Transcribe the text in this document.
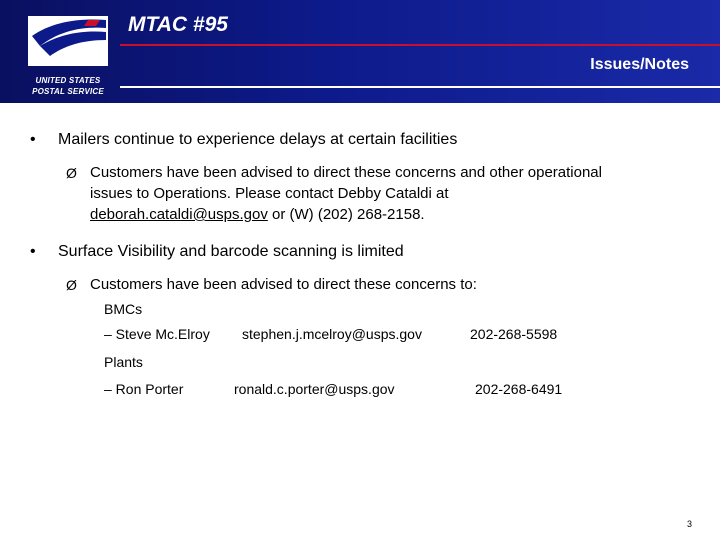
UNITED STATES
POSTAL SERVICE
MTAC #95
Issues/Notes
• Mailers continue to experience delays at certain facilities
Ø Customers have been advised to direct these concerns and other operational
issues to Operations. Please contact Debby Cataldi at
deborah.cataldi@usps.gov or (W) (202) 268-2158.
• Surface Visibility and barcode scanning is limited
Ø Customers have been advised to direct these concerns to:
BMCs
– Steve Mc.Elroy stephen.j.mcelroy@usps.gov	202-268-5598
Plants
– Ron Porter	ronald.c.porter@usps.gov	202-268-6491
3
